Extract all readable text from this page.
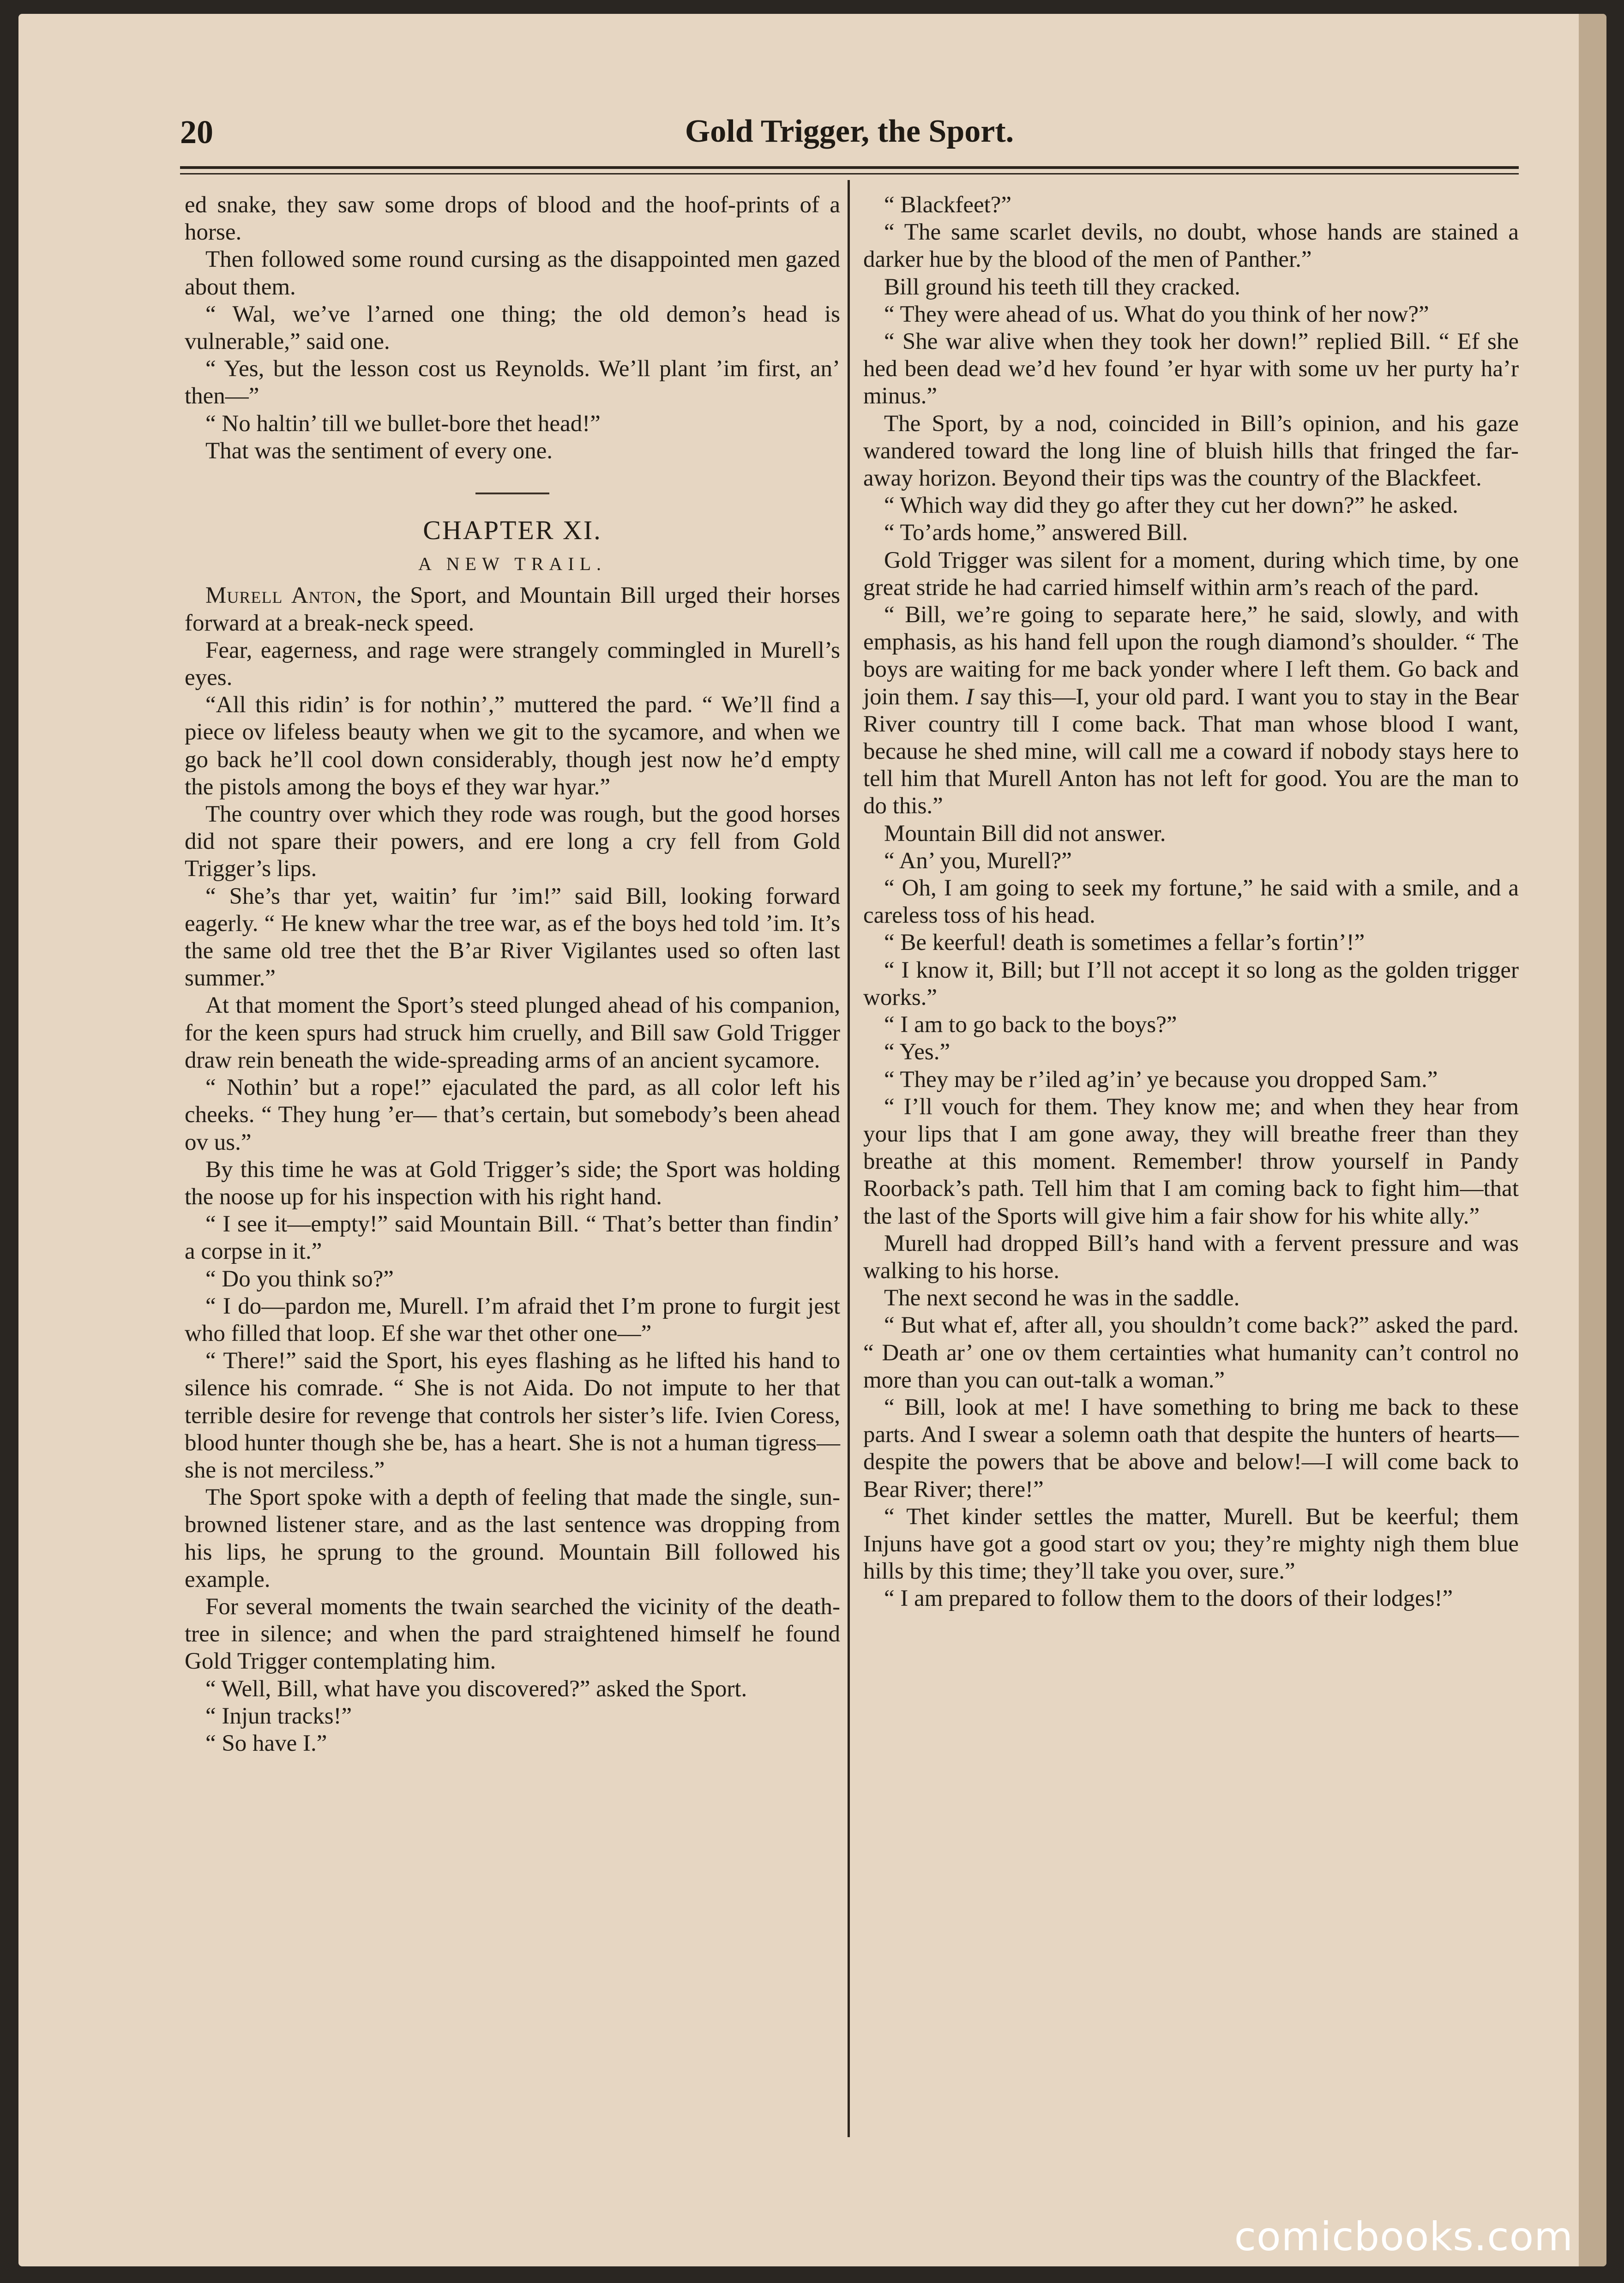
20	Gold Trigger, the Sport.

ed snake, they saw some drops of blood and the hoof-prints of a horse.

Then followed some round cursing as the disappointed men gazed about them.

“ Wal, we’ve l’arned one thing; the old demon’s head is vulnerable,” said one.

“ Yes, but the lesson cost us Reynolds. We’ll plant ’im first, an’ then—”

“ No haltin’ till we bullet-bore thet head!”

That was the sentiment of every one.

CHAPTER XI.
A NEW TRAIL.

Murell Anton, the Sport, and Mountain Bill urged their horses forward at a break-neck speed.

Fear, eagerness, and rage were strangely commingled in Murell’s eyes.

“All this ridin’ is for nothin’,” muttered the pard. “ We’ll find a piece ov lifeless beauty when we git to the sycamore, and when we go back he’ll cool down considerably, though jest now he’d empty the pistols among the boys ef they war hyar.”

The country over which they rode was rough, but the good horses did not spare their powers, and ere long a cry fell from Gold Trigger’s lips.

“ She’s thar yet, waitin’ fur ’im!” said Bill, looking forward eagerly. “ He knew whar the tree war, as ef the boys hed told ’im. It’s the same old tree thet the B’ar River Vigilantes used so often last summer.”

At that moment the Sport’s steed plunged ahead of his companion, for the keen spurs had struck him cruelly, and Bill saw Gold Trigger draw rein beneath the wide-spreading arms of an ancient sycamore.

“ Nothin’ but a rope!” ejaculated the pard, as all color left his cheeks. “ They hung ’er— that’s certain, but somebody’s been ahead ov us.”

By this time he was at Gold Trigger’s side; the Sport was holding the noose up for his inspection with his right hand.

“ I see it—empty!” said Mountain Bill. “ That’s better than findin’ a corpse in it.”

“ Do you think so?”

“ I do—pardon me, Murell. I’m afraid thet I’m prone to furgit jest who filled that loop. Ef she war thet other one—”

“ There!” said the Sport, his eyes flashing as he lifted his hand to silence his comrade. “ She is not Aida. Do not impute to her that terrible desire for revenge that controls her sister’s life. Ivien Coress, blood hunter though she be, has a heart. She is not a human tigress—she is not merciless.”

The Sport spoke with a depth of feeling that made the single, sun-browned listener stare, and as the last sentence was dropping from his lips, he sprung to the ground. Mountain Bill followed his example.

For several moments the twain searched the vicinity of the death-tree in silence; and when the pard straightened himself he found Gold Trigger contemplating him.

“ Well, Bill, what have you discovered?” asked the Sport.

“ Injun tracks!”

“ So have I.”

“ Blackfeet?”

“ The same scarlet devils, no doubt, whose hands are stained a darker hue by the blood of the men of Panther.”

Bill ground his teeth till they cracked.

“ They were ahead of us. What do you think of her now?”

“ She war alive when they took her down!” replied Bill. “ Ef she hed been dead we’d hev found ’er hyar with some uv her purty ha’r minus.”

The Sport, by a nod, coincided in Bill’s opinion, and his gaze wandered toward the long line of bluish hills that fringed the far-away horizon. Beyond their tips was the country of the Blackfeet.

“ Which way did they go after they cut her down?” he asked.

“ To’ards home,” answered Bill.

Gold Trigger was silent for a moment, during which time, by one great stride he had carried himself within arm’s reach of the pard.

“ Bill, we’re going to separate here,” he said, slowly, and with emphasis, as his hand fell upon the rough diamond’s shoulder. “ The boys are waiting for me back yonder where I left them. Go back and join them. I say this—I, your old pard. I want you to stay in the Bear River country till I come back. That man whose blood I want, because he shed mine, will call me a coward if nobody stays here to tell him that Murell Anton has not left for good. You are the man to do this.”

Mountain Bill did not answer.

“ An’ you, Murell?”

“ Oh, I am going to seek my fortune,” he said with a smile, and a careless toss of his head.

“ Be keerful! death is sometimes a fellar’s fortin’!”

“ I know it, Bill; but I’ll not accept it so long as the golden trigger works.”

“ I am to go back to the boys?”

“ Yes.”

“ They may be r’iled ag’in’ ye because you dropped Sam.”

“ I’ll vouch for them. They know me; and when they hear from your lips that I am gone away, they will breathe freer than they breathe at this moment. Remember! throw yourself in Pandy Roorback’s path. Tell him that I am coming back to fight him—that the last of the Sports will give him a fair show for his white ally.”

Murell had dropped Bill’s hand with a fervent pressure and was walking to his horse.

The next second he was in the saddle.

“ But what ef, after all, you shouldn’t come back?” asked the pard. “ Death ar’ one ov them certainties what humanity can’t control no more than you can out-talk a woman.”

“ Bill, look at me! I have something to bring me back to these parts. And I swear a solemn oath that despite the hunters of hearts—despite the powers that be above and below!—I will come back to Bear River; there!”

“ Thet kinder settles the matter, Murell. But be keerful; them Injuns have got a good start ov you; they’re mighty nigh them blue hills by this time; they’ll take you over, sure.”

“ I am prepared to follow them to the doors of their lodges!”

comicbooks.com
